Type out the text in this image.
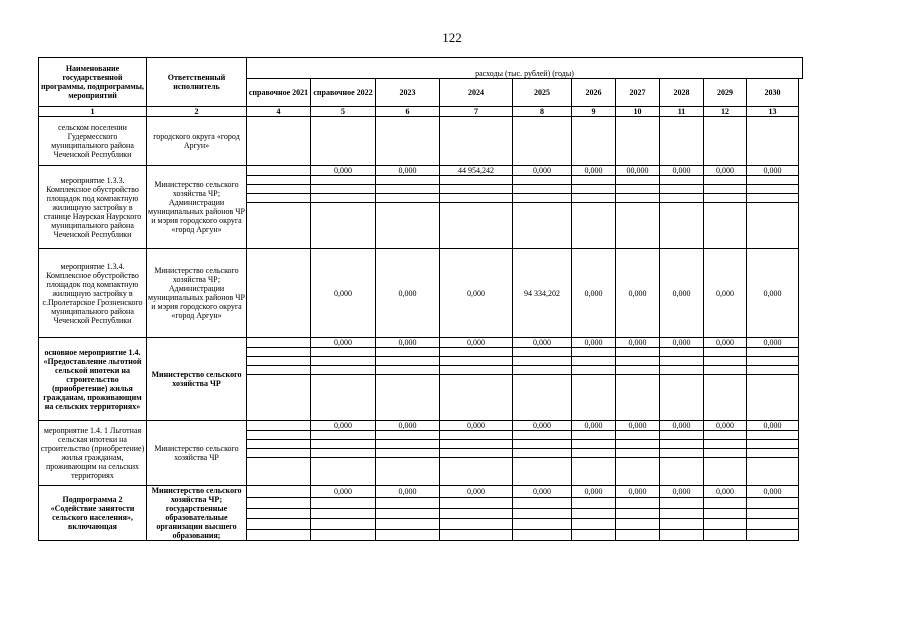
122
Наименование государственной программы, подпрограммы, мероприятий	Ответственный исполнитель	расходы (тыс. рублей) (годы)										
		справочное 2021	справочное 2022	2023	2024	2025	2026	2027	2028	2029	2030	
1	2	4	5	6	7	8	9	10	11	12	13	
сельском поселении Гудермесского муниципального района Чеченской Республики	городского округа «город Аргун»											
мероприятие 1.3.3. Комплексное обустройство площадок под компактную жилищную застройку в станице Наурская Наурского муниципального района Чеченской Республики	Министерство сельского хозяйства ЧР; Администрации муниципальных районов ЧР и мэрия городского округа «город Аргун»		0,000	0,000	44 954,242	0,000	0,000	00,000	0,000	0,000	0,000	

мероприятие 1.3.4. Комплексное обустройство площадок под компактную жилищную застройку в с.Пролетарское Грозненского муниципального района Чеченской Республики	Министерство сельского хозяйства ЧР; Администрации муниципальных районов ЧР и мэрия городского округа «город Аргун»		0,000	0,000	0,000	94 334,202	0,000	0,000	0,000	0,000	0,000	
основное мероприятие 1.4. «Предоставление льготной сельской ипотеки на строительство (приобретение) жилья гражданам, проживающим на сельских территориях»	Министерство сельского хозяйства ЧР		0,000	0,000	0,000	0,000	0,000	0,000	0,000	0,000	0,000	

мероприятие 1.4. 1 Льготная сельская ипотеки на строительство (приобретение) жилья гражданам, проживающим на сельских территориях	Министерство сельского хозяйства ЧР		0,000	0,000	0,000	0,000	0,000	0,000	0,000	0,000	0,000	

Подпрограмма 2 «Содействие занятости сельского населения», включающая	Министерство сельского хозяйства ЧР; государственные образовательные организации высшего образования;		0,000	0,000	0,000	0,000	0,000	0,000	0,000	0,000	0,000	
